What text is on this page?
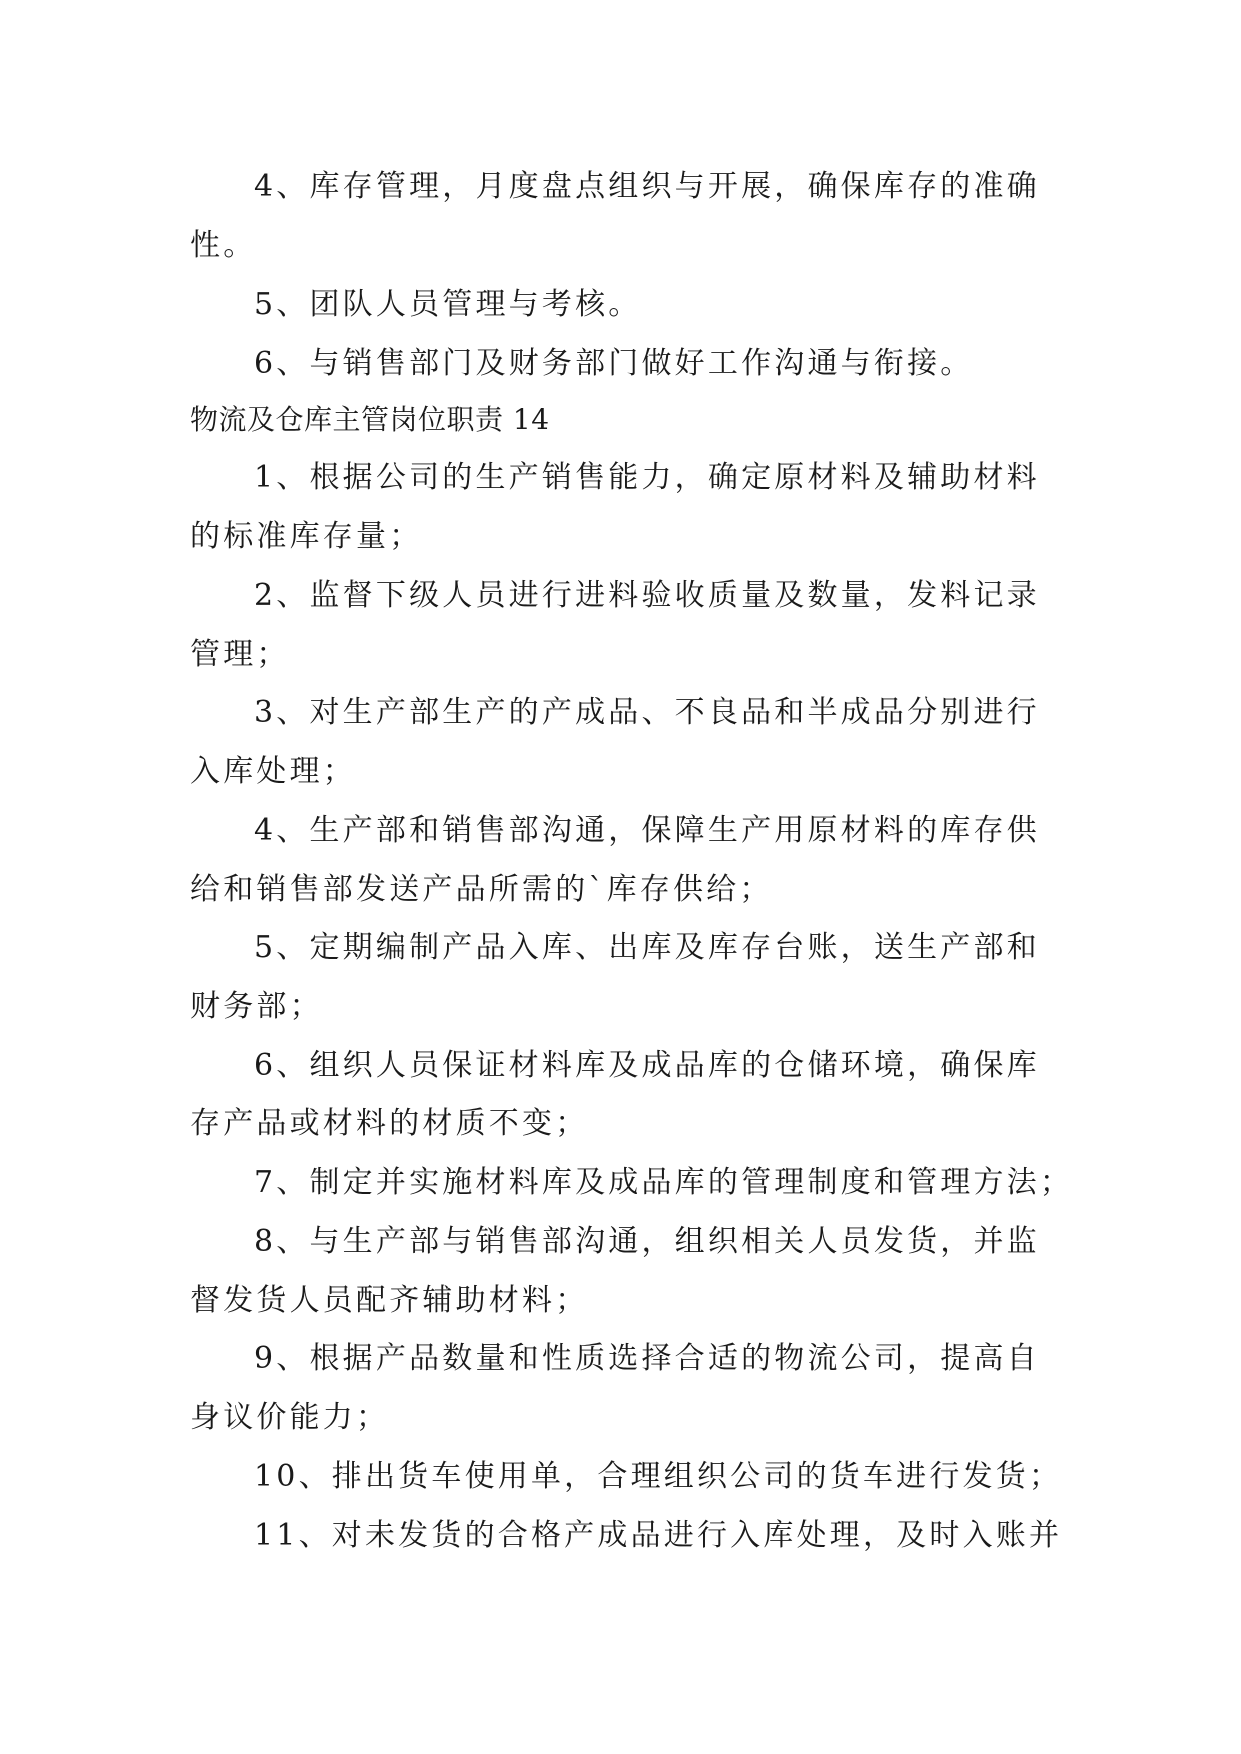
4、库存管理，月度盘点组织与开展，确保库存的准确
性。
5、团队人员管理与考核。
6、与销售部门及财务部门做好工作沟通与衔接。
物流及仓库主管岗位职责 14
1、根据公司的生产销售能力，确定原材料及辅助材料
的标准库存量；
2、监督下级人员进行进料验收质量及数量，发料记录
管理；
3、对生产部生产的产成品、不良品和半成品分别进行
入库处理；
4、生产部和销售部沟通，保障生产用原材料的库存供
给和销售部发送产品所需的`库存供给；
5、定期编制产品入库、出库及库存台账，送生产部和
财务部；
6、组织人员保证材料库及成品库的仓储环境，确保库
存产品或材料的材质不变；
7、制定并实施材料库及成品库的管理制度和管理方法；
8、与生产部与销售部沟通，组织相关人员发货，并监
督发货人员配齐辅助材料；
9、根据产品数量和性质选择合适的物流公司，提高自
身议价能力；
10、排出货车使用单，合理组织公司的货车进行发货；
11、对未发货的合格产成品进行入库处理，及时入账并
